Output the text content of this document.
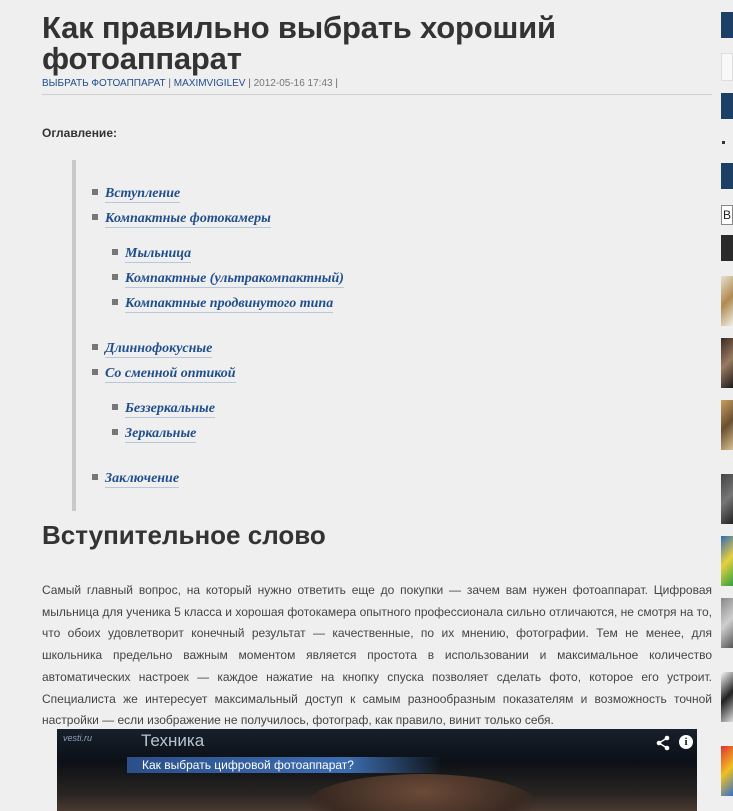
Как правильно выбрать хороший фотоаппарат
ВЫБРАТЬ ФОТОАППАРАТ | MAXIMVIGILEV | 2012-05-16 17:43 |
Оглавление:
Вступление
Компактные фотокамеры
Мыльница
Компактные (ультракомпактный)
Компактные продвинутого типа
Длиннофокусные
Со сменной оптикой
Беззеркальные
Зеркальные
Заключение
Вступительное слово

Самый главный вопрос, на который нужно ответить еще до покупки — зачем вам нужен фотоаппарат. Цифровая мыльница для ученика 5 класса и хорошая фотокамера опытного профессионала сильно отличаются, не смотря на то, что обоих удовлетворит конечный результат — качественные, по их мнению, фотографии. Тем не менее, для школьника предельно важным моментом является простота в использовании и максимальное количество автоматических настроек — каждое нажатие на кнопку спуска позволяет сделать фото, которое его устроит. Специалиста же интересует максимальный доступ к самым разнообразным показателям и возможность точной настройки — если изображение не получилось, фотограф, как правило, винит только себя.

vesti.ru	Техника
Как выбрать цифровой фотоаппарат?
i
В
